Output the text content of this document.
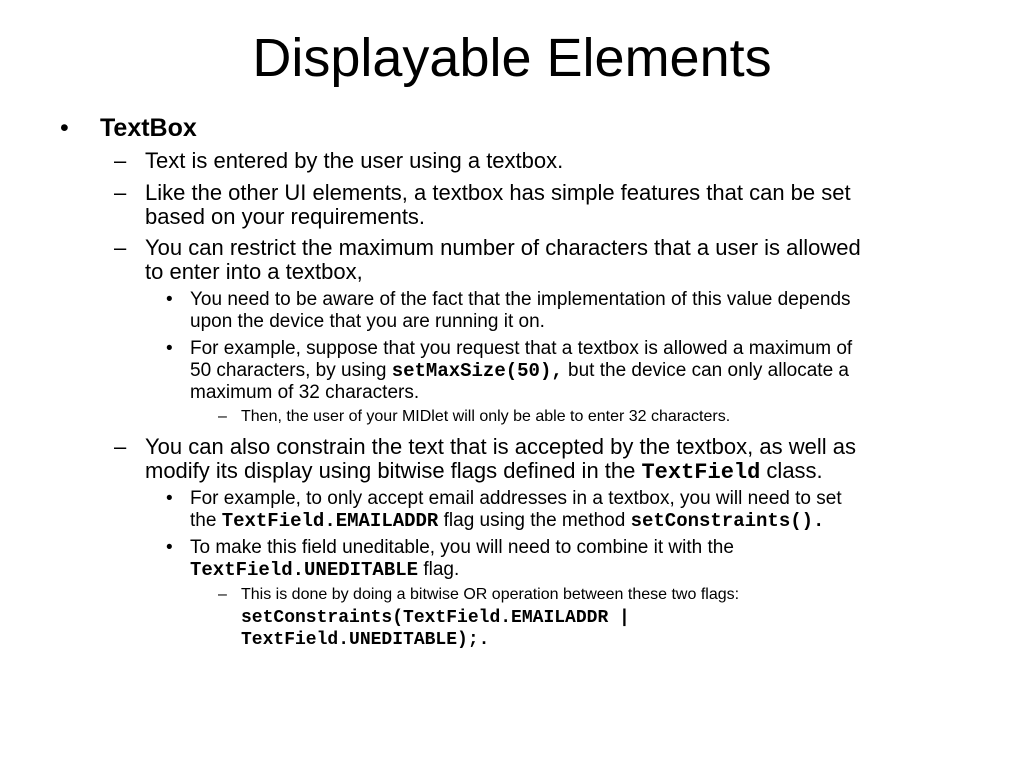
Displayable Elements
• TextBox
– Text is entered by the user using a textbox.
– Like the other UI elements, a textbox has simple features that can be set
based on your requirements.
– You can restrict the maximum number of characters that a user is allowed
to enter into a textbox,
• You need to be aware of the fact that the implementation of this value depends
upon the device that you are running it on.
• For example, suppose that you request that a textbox is allowed a maximum of
50 characters, by using setMaxSize(50), but the device can only allocate a
maximum of 32 characters.
– Then, the user of your MIDlet will only be able to enter 32 characters.
– You can also constrain the text that is accepted by the textbox, as well as
modify its display using bitwise flags defined in the TextField class.
• For example, to only accept email addresses in a textbox, you will need to set
the TextField.EMAILADDR flag using the method setConstraints().
• To make this field uneditable, you will need to combine it with the
TextField.UNEDITABLE flag.
– This is done by doing a bitwise OR operation between these two flags:
setConstraints(TextField.EMAILADDR |
TextField.UNEDITABLE);.
